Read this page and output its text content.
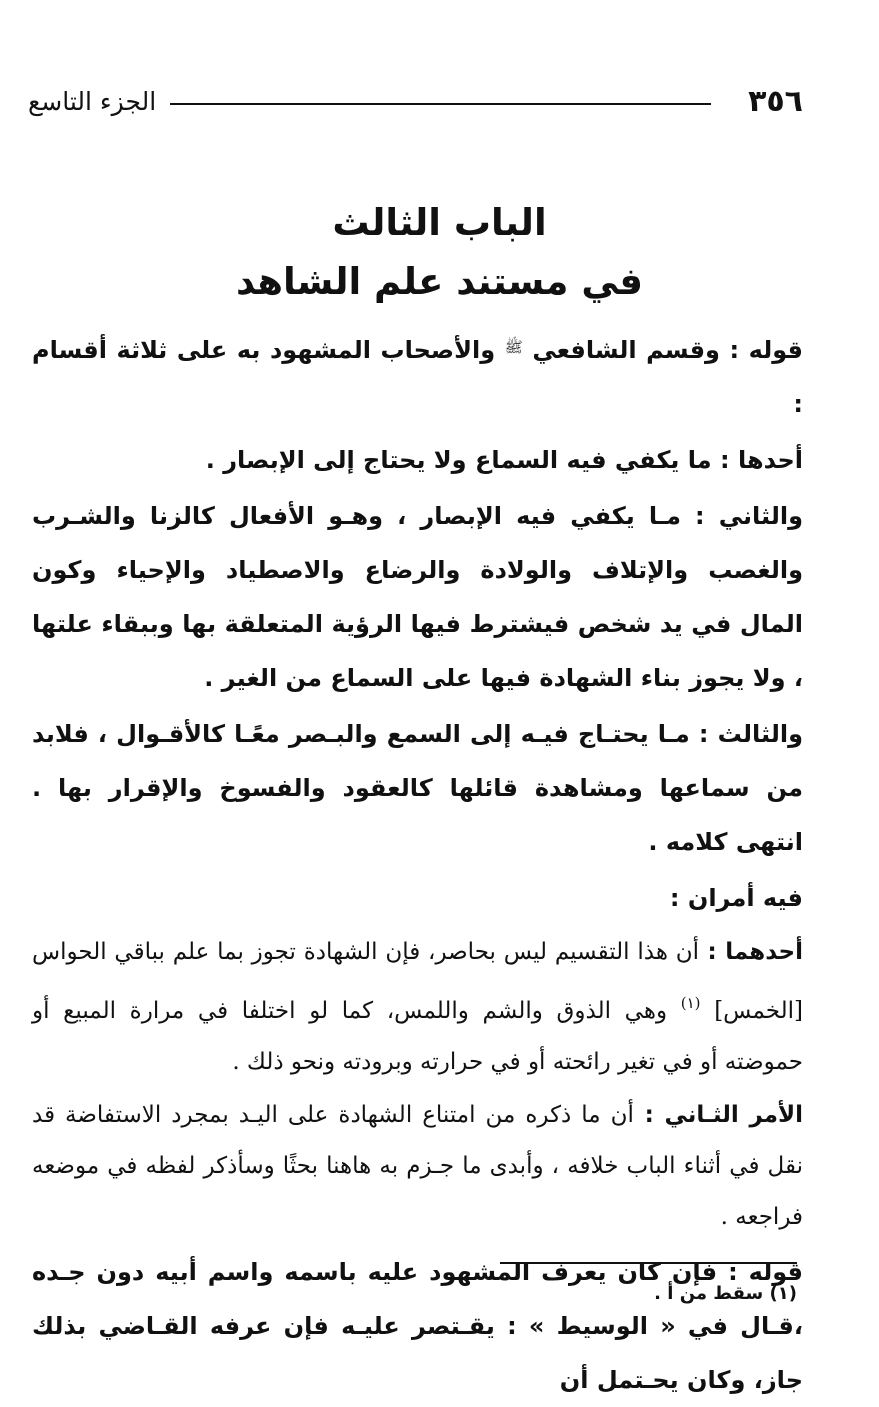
٣٥٦
الجزء التاسع
الباب الثالث
في مستند علم الشاهد

قوله : وقسم الشافعي $^ﷺ$ والأصحاب المشهود به على ثلاثة أقسام :

أحدها : ما يكفي فيه السماع ولا يحتاج إلى الإبصار .

والثاني : مـا يكفي فيه الإبصار ، وهـو الأفعال كالزنا والشـرب والغصب والإتلاف والولادة والرضاع والاصطياد والإحياء وكون المال في يد شخص فيشترط فيها الرؤية المتعلقة بها وببقاء علتها ، ولا يجوز بناء الشهادة فيها على السماع من الغير .

والثالث : مـا يحتـاج فيـه إلى السمع والبـصر معًـا كالأقـوال ، فلابد من سماعها ومشاهدة قائلها كالعقود والفسوخ والإقرار بها . انتهى كلامه .

فيه أمران :

أحدهما : أن هذا التقسيم ليس بحاصر، فإن الشهادة تجوز بما علم بباقي الحواس [الخمس] $^{(١)}$ وهي الذوق والشم واللمس، كما لو اختلفا في مرارة المبيع أو حموضته أو في تغير رائحته أو في حرارته وبرودته ونحو ذلك .

الأمر الثـاني : أن ما ذكره من امتناع الشهادة على اليـد بمجرد الاستفاضة قد نقل في أثناء الباب خلافه ، وأبدى ما جـزم به هاهنا بحثًا وسأذكر لفظه في موضعه فراجعه .

قوله : فإن كان يعرف المشهود عليه باسمه واسم أبيه دون جـده ،قـال في « الوسيط » : يقـتصر عليـه فإن عرفه القـاضي بذلك جاز، وكان يحـتمل أن

(١) سقط من أ .
